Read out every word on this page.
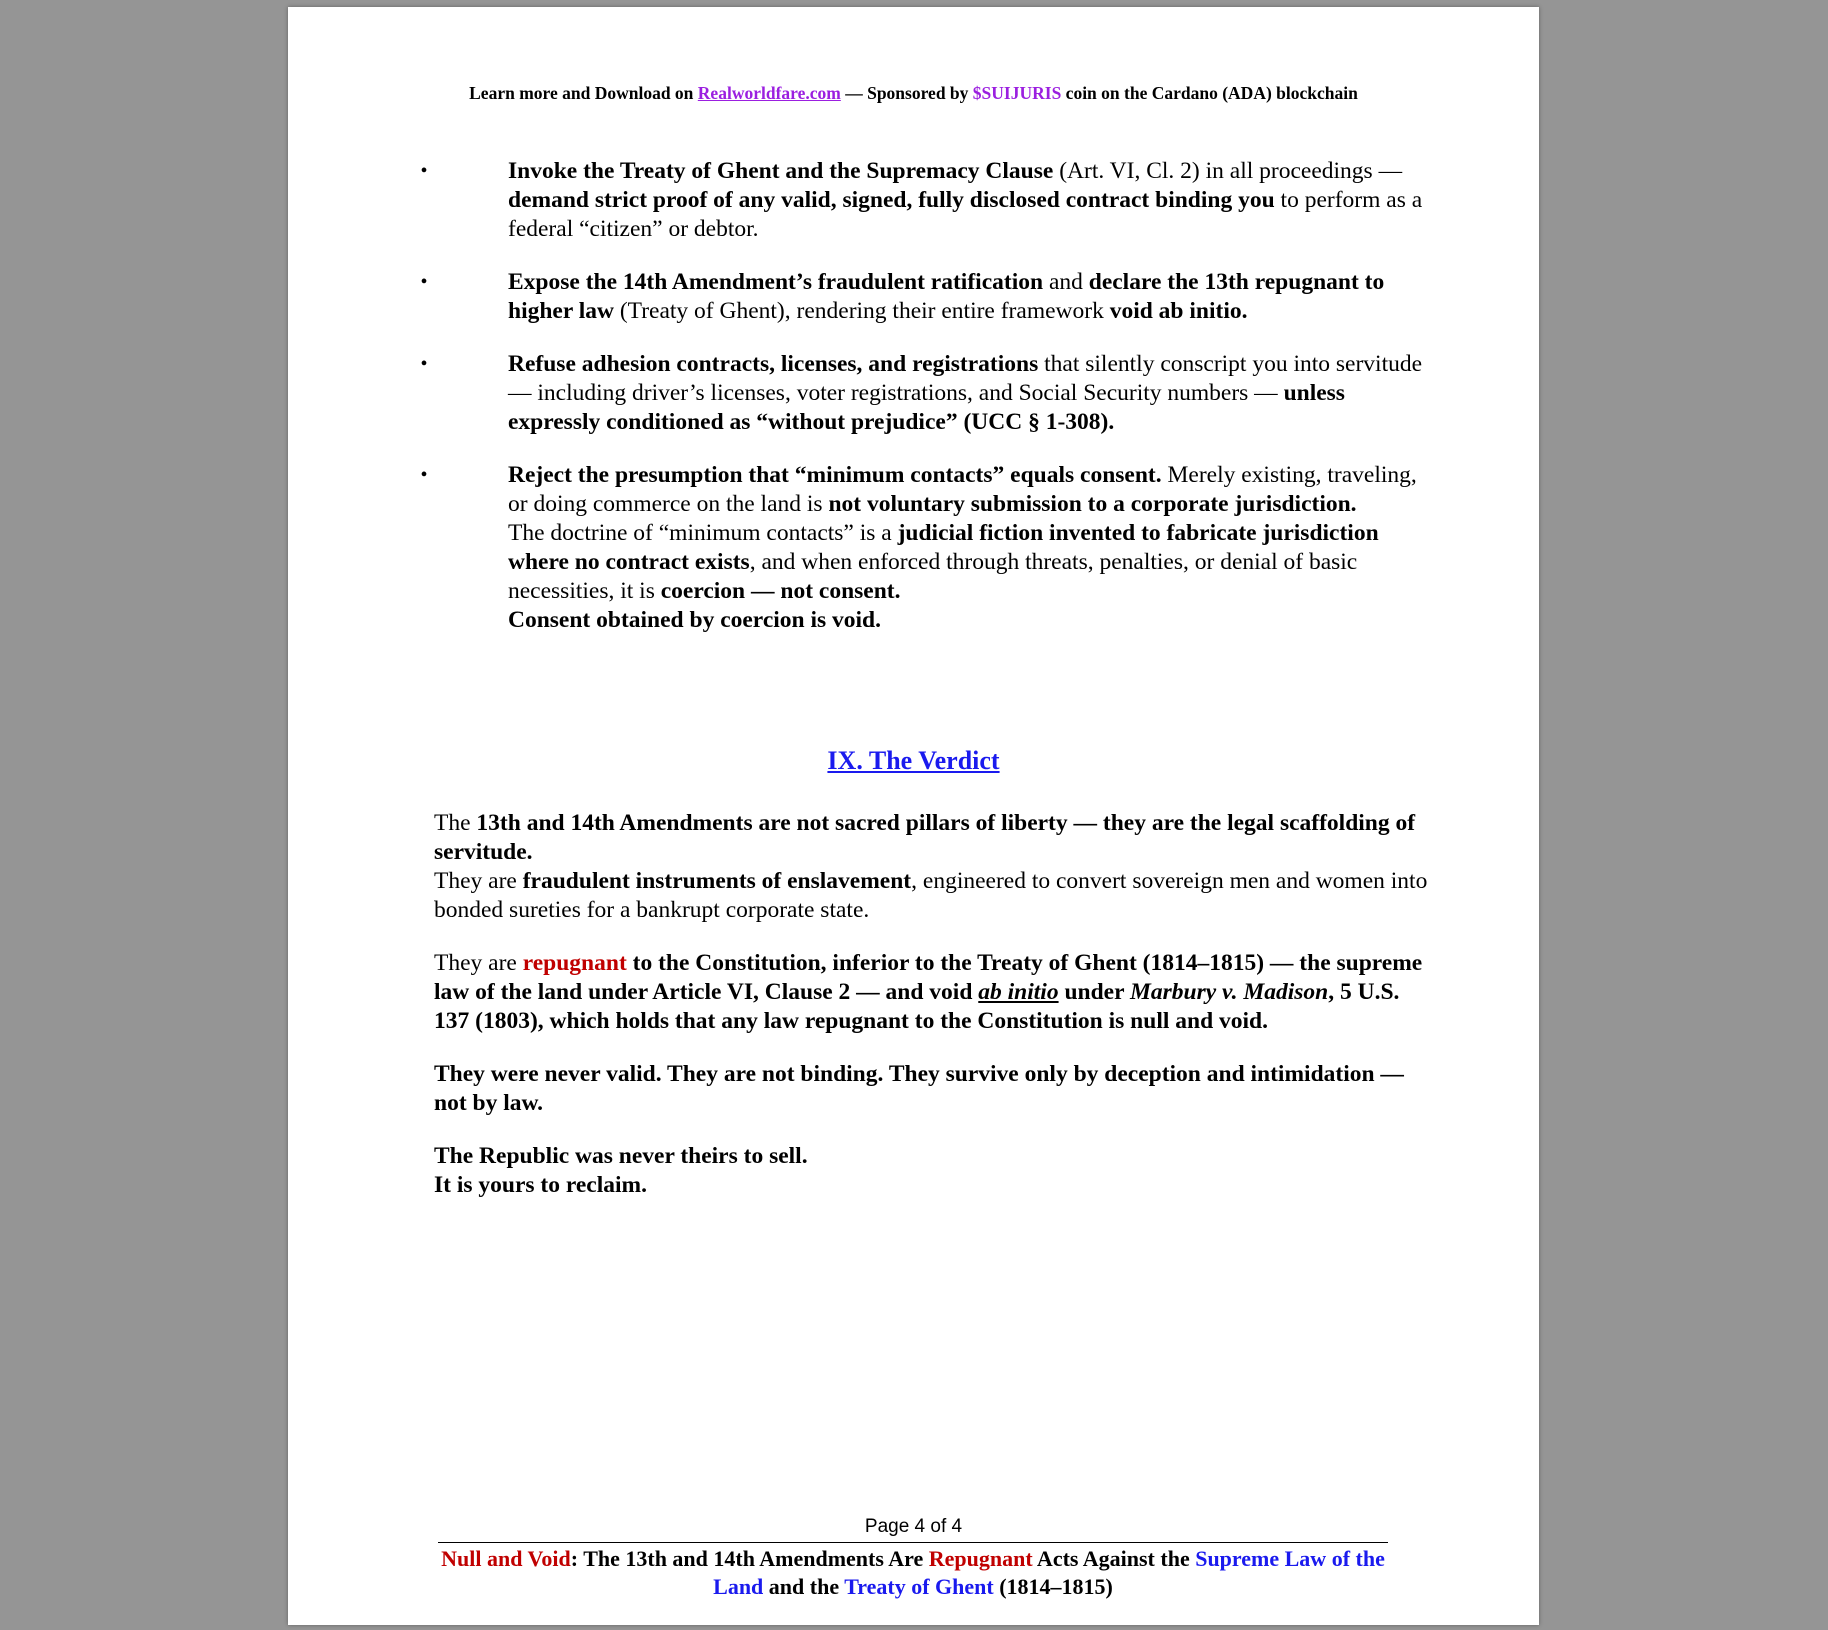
Learn more and Download on Realworldfare.com — Sponsored by $SUIJURIS coin on the Cardano (ADA) blockchain
•	Invoke the Treaty of Ghent and the Supremacy Clause (Art. VI, Cl. 2) in all proceedings — demand strict proof of any valid, signed, fully disclosed contract binding you to perform as a federal “citizen” or debtor.
•	Expose the 14th Amendment’s fraudulent ratification and declare the 13th repugnant to higher law (Treaty of Ghent), rendering their entire framework void ab initio.
•	Refuse adhesion contracts, licenses, and registrations that silently conscript you into servitude — including driver’s licenses, voter registrations, and Social Security numbers — unless expressly conditioned as “without prejudice” (UCC § 1-308).
•	Reject the presumption that “minimum contacts” equals consent. Merely existing, traveling, or doing commerce on the land is not voluntary submission to a corporate jurisdiction.
The doctrine of “minimum contacts” is a judicial fiction invented to fabricate jurisdiction where no contract exists, and when enforced through threats, penalties, or denial of basic necessities, it is coercion — not consent.
Consent obtained by coercion is void.
IX. The Verdict

The 13th and 14th Amendments are not sacred pillars of liberty — they are the legal scaffolding of servitude.
They are fraudulent instruments of enslavement, engineered to convert sovereign men and women into bonded sureties for a bankrupt corporate state.

They are repugnant to the Constitution, inferior to the Treaty of Ghent (1814–1815) — the supreme law of the land under Article VI, Clause 2 — and void ab initio under Marbury v. Madison, 5 U.S. 137 (1803), which holds that any law repugnant to the Constitution is null and void.

They were never valid. They are not binding. They survive only by deception and intimidation — not by law.

The Republic was never theirs to sell.
It is yours to reclaim.

Page 4 of 4
Null and Void: The 13th and 14th Amendments Are Repugnant Acts Against the Supreme Law of the Land and the Treaty of Ghent (1814–1815)
